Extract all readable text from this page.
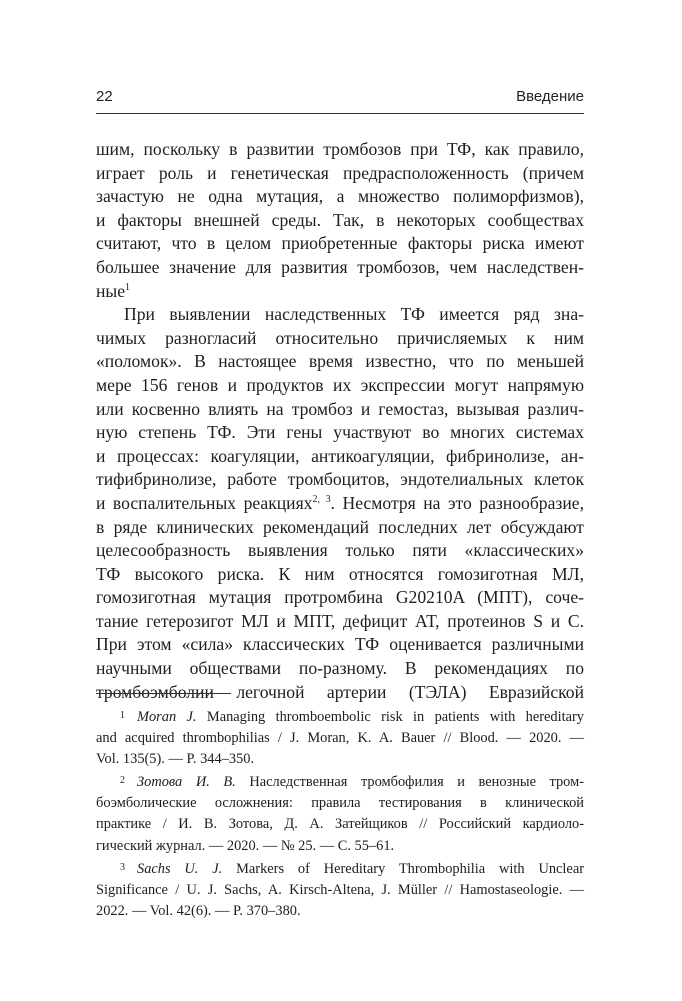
22	Введение
шим, поскольку в развитии тромбозов при ТФ, как правило,
играет роль и генетическая предрасположенность (причем
зачастую не одна мутация, а множество полиморфизмов),
и факторы внешней среды. Так, в некоторых сообществах
считают, что в целом приобретенные факторы риска имеют
большее значение для развития тромбозов, чем наследствен-
ные$^1$
При выявлении наследственных ТФ имеется ряд зна-
чимых разногласий относительно причисляемых к ним
«поломок». В настоящее время известно, что по меньшей
мере 156 генов и продуктов их экспрессии могут напрямую
или косвенно влиять на тромбоз и гемостаз, вызывая различ-
ную степень ТФ. Эти гены участвуют во многих системах
и процессах: коагуляции, антикоагуляции, фибринолизе, ан-
тифибринолизе, работе тромбоцитов, эндотелиальных клеток
и воспалительных реакциях$^{2, 3}$. Несмотря на это разнообразие,
в ряде клинических рекомендаций последних лет обсуждают
целесообразность выявления только пяти «классических»
ТФ высокого риска. К ним относятся гомозиготная МЛ,
гомозиготная мутация протромбина G20210A (МПТ), соче-
тание гетерозигот МЛ и МПТ, дефицит АТ, протеинов S и C.
При этом «сила» классических ТФ оценивается различными
научными обществами по-разному. В рекомендациях по
тромбоэмболии легочной артерии (ТЭЛА) Евразийской
$^1$ Moran J. Managing thromboembolic risk in patients with hereditary
and acquired thrombophilias / J. Moran, K. A. Bauer // Blood. — 2020. —
Vol. 135(5). — P. 344–350.
$^2$ Зотова И. В. Наследственная тромбофилия и венозные тром-
боэмболические осложнения: правила тестирования в клинической
практике / И. В. Зотова, Д. А. Затейщиков // Российский кардиоло-
гический журнал. — 2020. — № 25. — С. 55–61.
$^3$ Sachs U. J. Markers of Hereditary Thrombophilia with Unclear
Significance / U. J. Sachs, A. Kirsch-Altena, J. Müller // Hamostaseologie. —
2022. — Vol. 42(6). — P. 370–380.
